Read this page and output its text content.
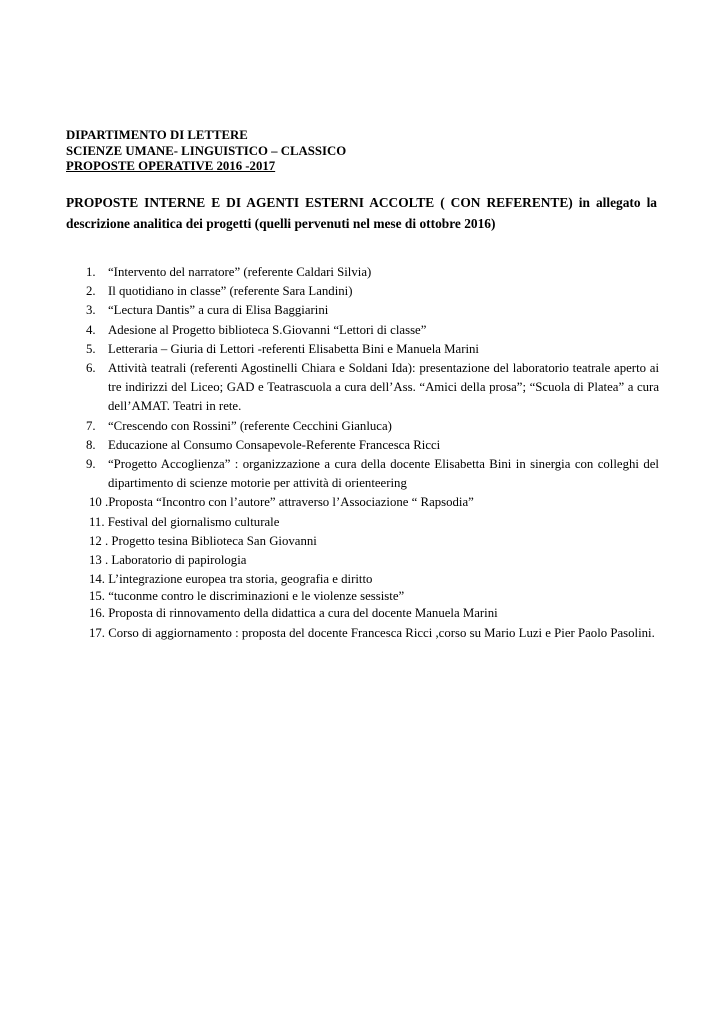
DIPARTIMENTO DI LETTERE
SCIENZE UMANE- LINGUISTICO – CLASSICO
PROPOSTE OPERATIVE 2016 -2017
PROPOSTE INTERNE E DI AGENTI ESTERNI ACCOLTE ( CON REFERENTE) in allegato la descrizione analitica dei progetti (quelli pervenuti nel mese di ottobre 2016)
1. “Intervento del narratore” (referente Caldari Silvia)
2. Il quotidiano in classe” (referente Sara Landini)
3. “Lectura Dantis” a cura di Elisa Baggiarini
4. Adesione al Progetto biblioteca S.Giovanni “Lettori di classe”
5. Letteraria – Giuria di Lettori -referenti Elisabetta Bini e Manuela Marini
6. Attività teatrali (referenti Agostinelli Chiara e Soldani Ida): presentazione del laboratorio teatrale aperto ai tre indirizzi del Liceo; GAD e Teatrascuola a cura dell’Ass. “Amici della prosa”; “Scuola di Platea” a cura dell’AMAT. Teatri in rete.
7. “Crescendo con Rossini” (referente Cecchini Gianluca)
8. Educazione al Consumo Consapevole-Referente Francesca Ricci
9. “Progetto Accoglienza” : organizzazione a cura della docente Elisabetta Bini in sinergia con colleghi del dipartimento di scienze motorie per attività di orienteering
10 .Proposta “Incontro con l’autore” attraverso l’Associazione “ Rapsodia”
11. Festival del giornalismo culturale
12 . Progetto tesina Biblioteca San Giovanni
13 . Laboratorio di papirologia
14. L’integrazione europea tra storia, geografia e diritto
15. “tuconme contro le discriminazioni e le violenze sessiste”
16. Proposta di rinnovamento della didattica a cura del docente Manuela Marini
17. Corso di aggiornamento : proposta del docente Francesca Ricci ,corso su Mario Luzi e Pier Paolo Pasolini.
